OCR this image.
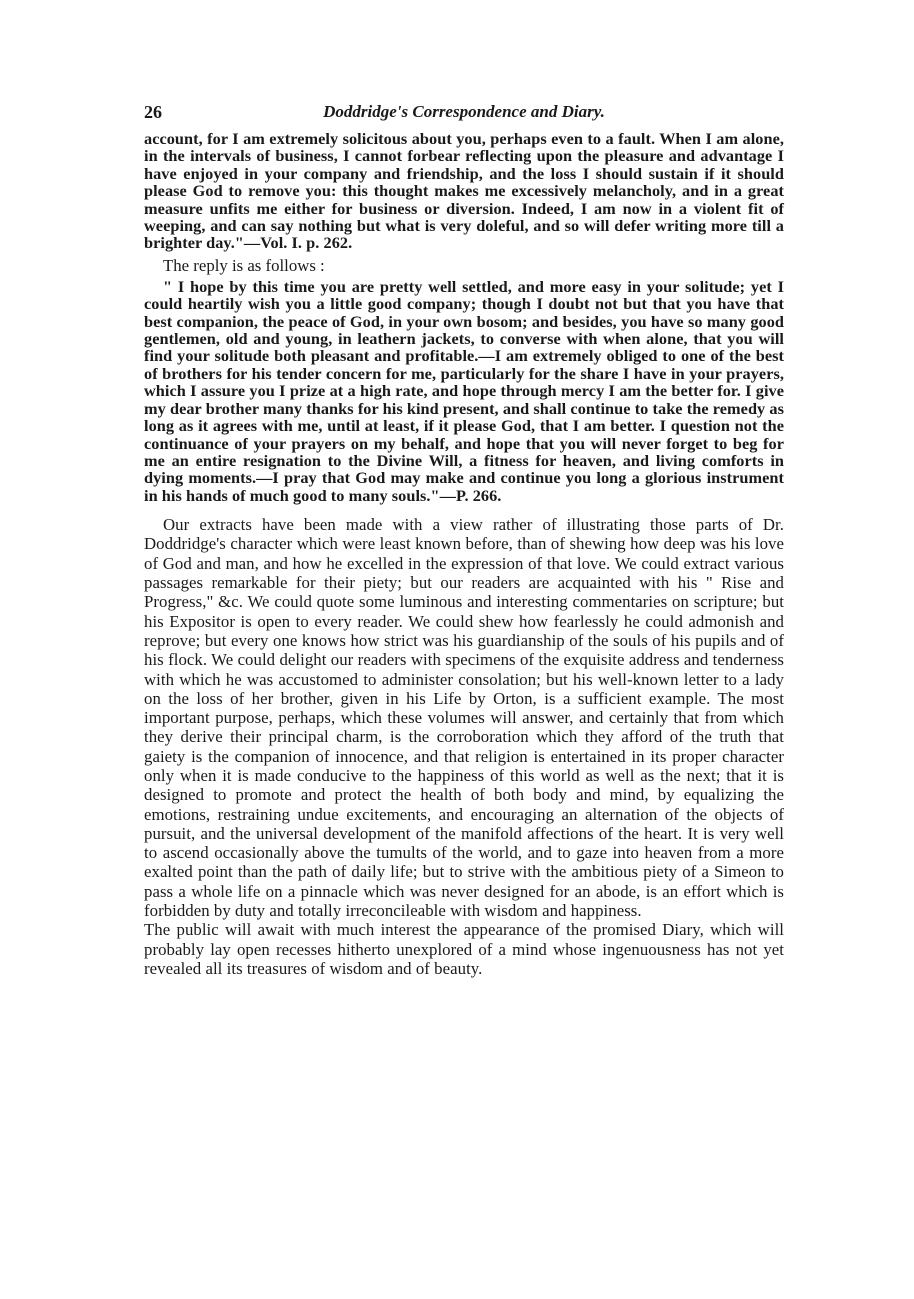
26	Doddridge's Correspondence and Diary.

account, for I am extremely solicitous about you, perhaps even to a fault. When I am alone, in the intervals of business, I cannot forbear reflecting upon the pleasure and advantage I have enjoyed in your company and friendship, and the loss I should sustain if it should please God to remove you: this thought makes me excessively melancholy, and in a great measure unfits me either for business or diversion. Indeed, I am now in a violent fit of weeping, and can say nothing but what is very doleful, and so will defer writing more till a brighter day."—Vol. I. p. 262.

The reply is as follows :

" I hope by this time you are pretty well settled, and more easy in your solitude; yet I could heartily wish you a little good company; though I doubt not but that you have that best companion, the peace of God, in your own bosom; and besides, you have so many good gentlemen, old and young, in leathern jackets, to converse with when alone, that you will find your solitude both pleasant and profitable.—I am extremely obliged to one of the best of brothers for his tender concern for me, particularly for the share I have in your prayers, which I assure you I prize at a high rate, and hope through mercy I am the better for. I give my dear brother many thanks for his kind present, and shall continue to take the remedy as long as it agrees with me, until at least, if it please God, that I am better. I question not the continuance of your prayers on my behalf, and hope that you will never forget to beg for me an entire resignation to the Divine Will, a fitness for heaven, and living comforts in dying moments.—I pray that God may make and continue you long a glorious instrument in his hands of much good to many souls."—P. 266.

Our extracts have been made with a view rather of illustrating those parts of Dr. Doddridge's character which were least known before, than of shewing how deep was his love of God and man, and how he excelled in the expression of that love. We could extract various passages remarkable for their piety; but our readers are acquainted with his " Rise and Progress," &c. We could quote some luminous and interesting commentaries on scripture; but his Expositor is open to every reader. We could shew how fearlessly he could admonish and reprove; but every one knows how strict was his guardianship of the souls of his pupils and of his flock. We could delight our readers with specimens of the exquisite address and tenderness with which he was accustomed to administer consolation; but his well-known letter to a lady on the loss of her brother, given in his Life by Orton, is a sufficient example. The most important purpose, perhaps, which these volumes will answer, and certainly that from which they derive their principal charm, is the corroboration which they afford of the truth that gaiety is the companion of innocence, and that religion is entertained in its proper character only when it is made conducive to the happiness of this world as well as the next; that it is designed to promote and protect the health of both body and mind, by equalizing the emotions, restraining undue excitements, and encouraging an alternation of the objects of pursuit, and the universal development of the manifold affections of the heart. It is very well to ascend occasionally above the tumults of the world, and to gaze into heaven from a more exalted point than the path of daily life; but to strive with the ambitious piety of a Simeon to pass a whole life on a pinnacle which was never designed for an abode, is an effort which is forbidden by duty and totally irreconcileable with wisdom and happiness.

The public will await with much interest the appearance of the promised Diary, which will probably lay open recesses hitherto unexplored of a mind whose ingenuousness has not yet revealed all its treasures of wisdom and of beauty.
